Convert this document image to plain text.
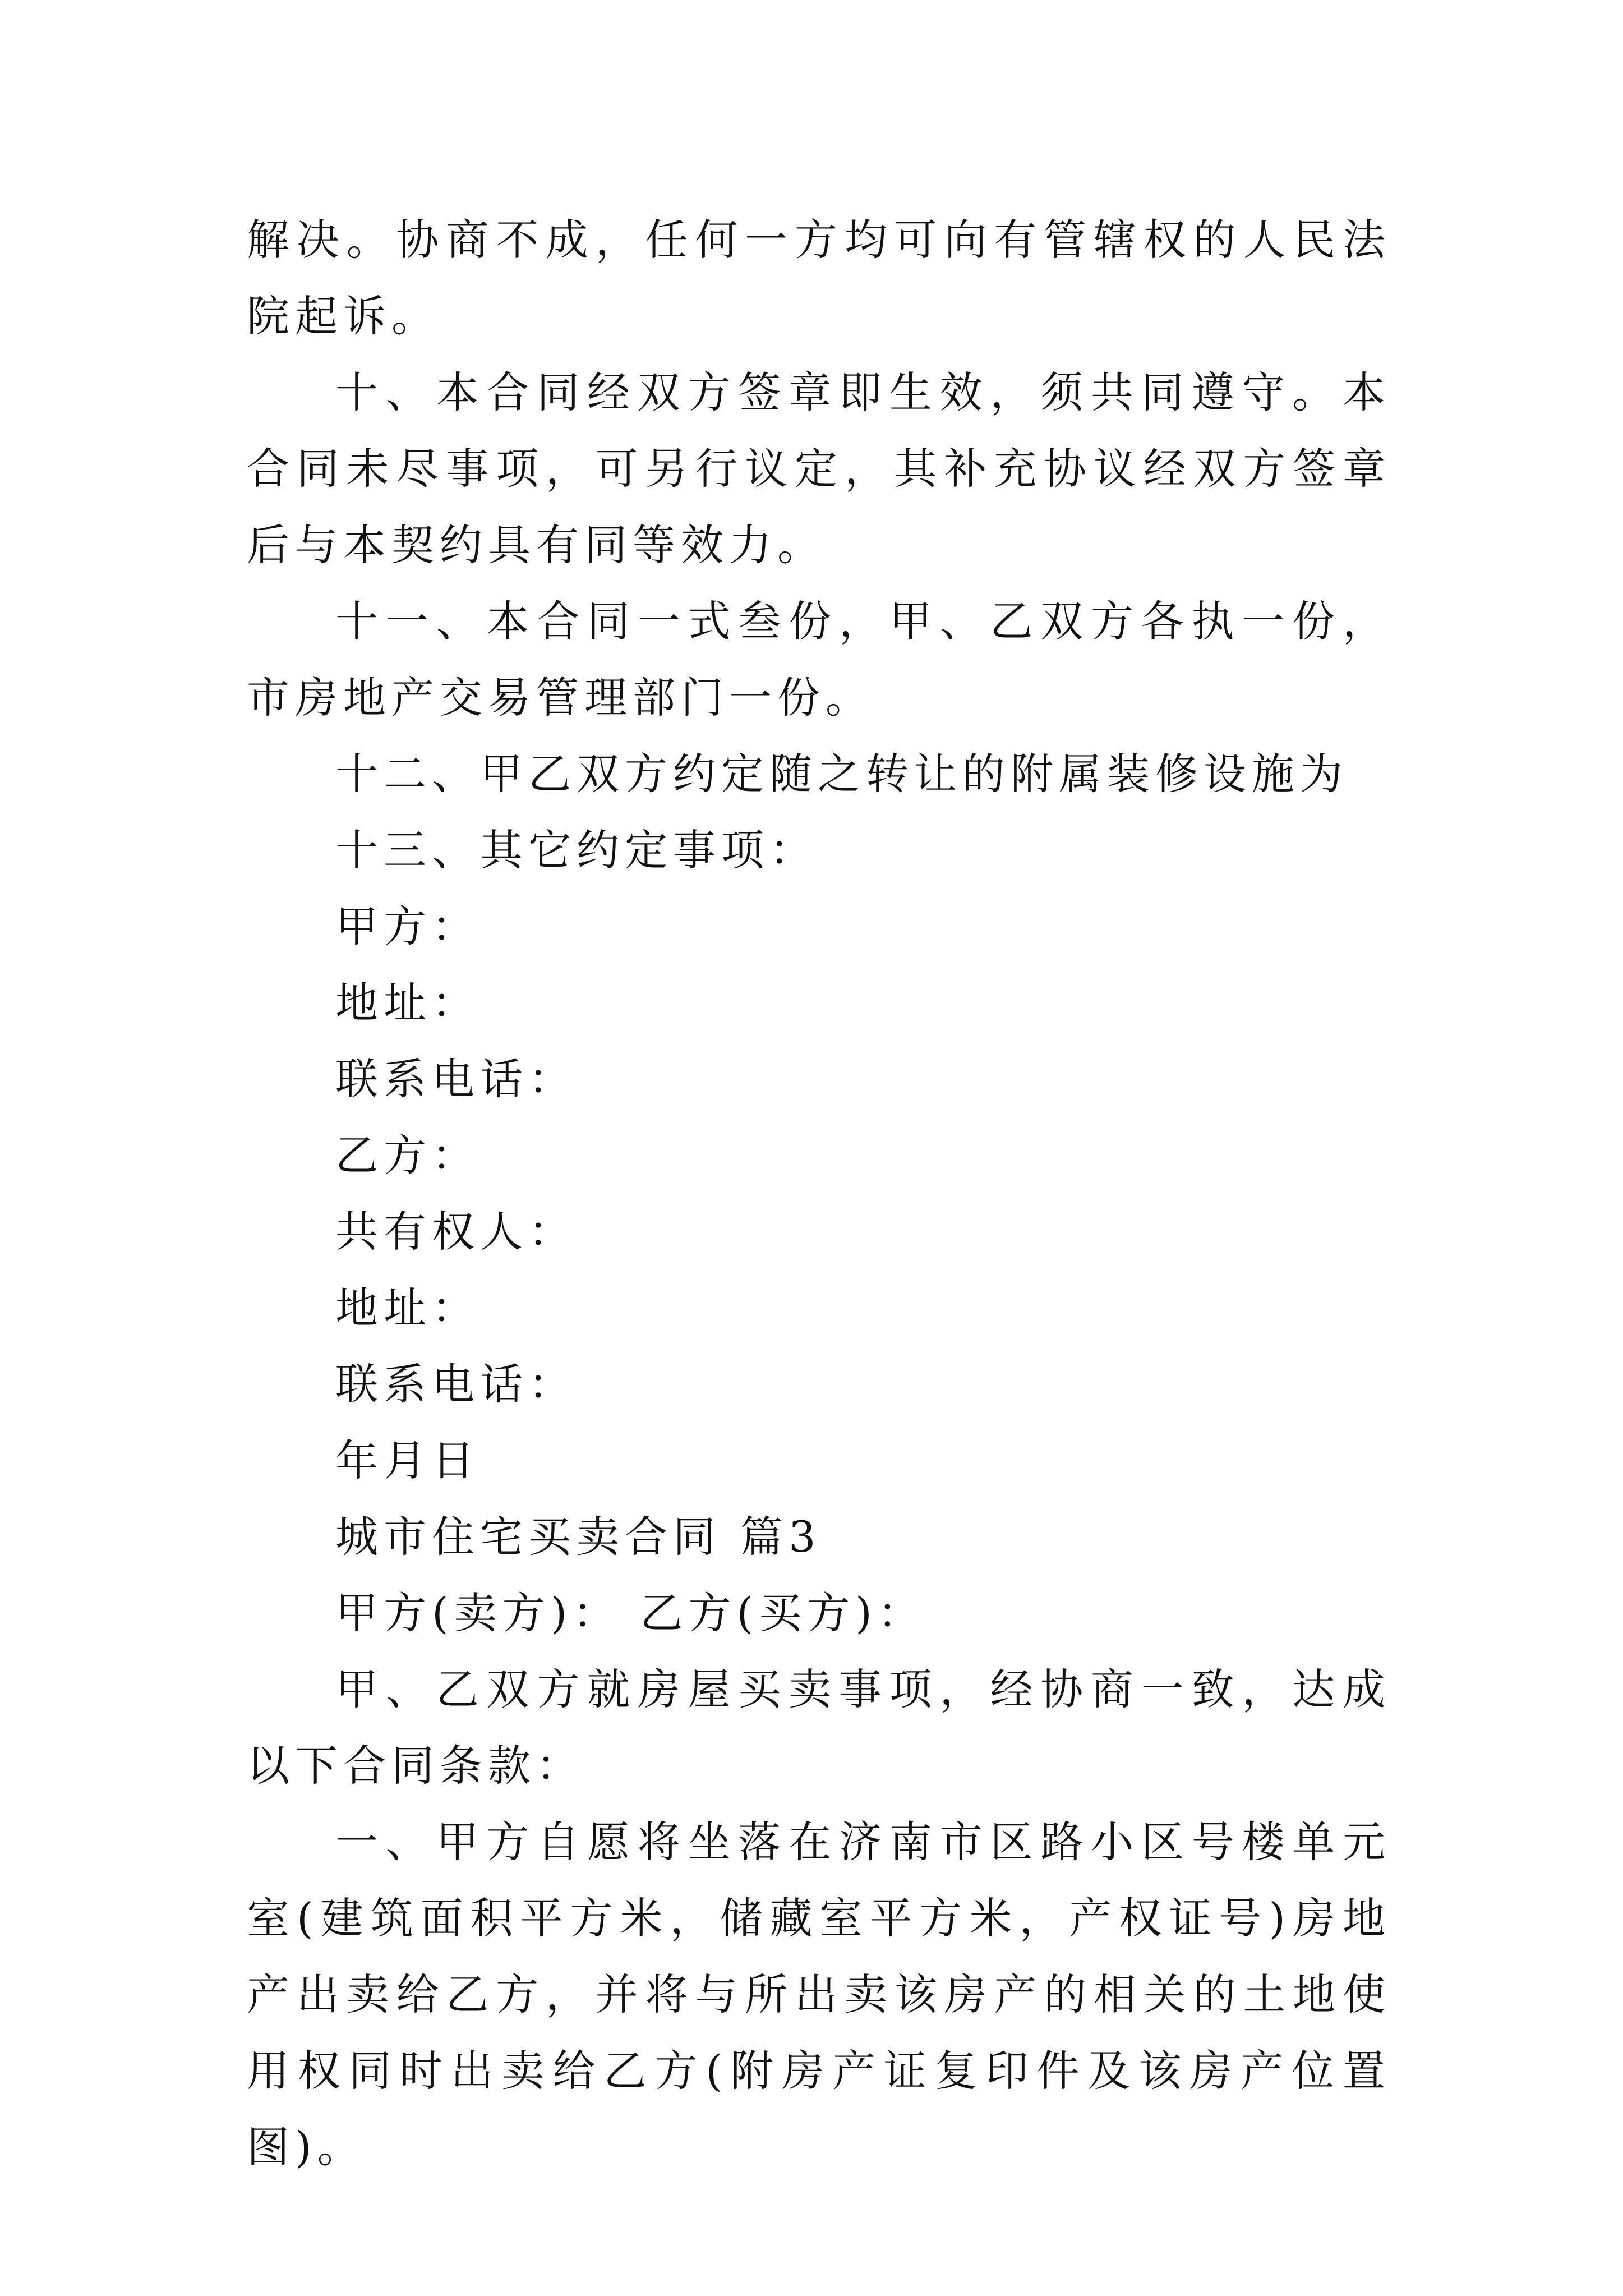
解决。协商不成，任何一方均可向有管辖权的人民法院起诉。

十、本合同经双方签章即生效，须共同遵守。本合同未尽事项，可另行议定，其补充协议经双方签章后与本契约具有同等效力。

十一、本合同一式叁份，甲、乙双方各执一份，市房地产交易管理部门一份。

十二、甲乙双方约定随之转让的附属装修设施为

十三、其它约定事项：

甲方：

地址：

联系电话：

乙方：

共有权人：

地址：

联系电话：

年月日

城市住宅买卖合同 篇3

甲方(卖方)： 乙方(买方)：

甲、乙双方就房屋买卖事项，经协商一致，达成以下合同条款：

一、甲方自愿将坐落在济南市区路小区号楼单元室(建筑面积平方米，储藏室平方米，产权证号)房地产出卖给乙方，并将与所出卖该房产的相关的土地使用权同时出卖给乙方(附房产证复印件及该房产位置图)。
